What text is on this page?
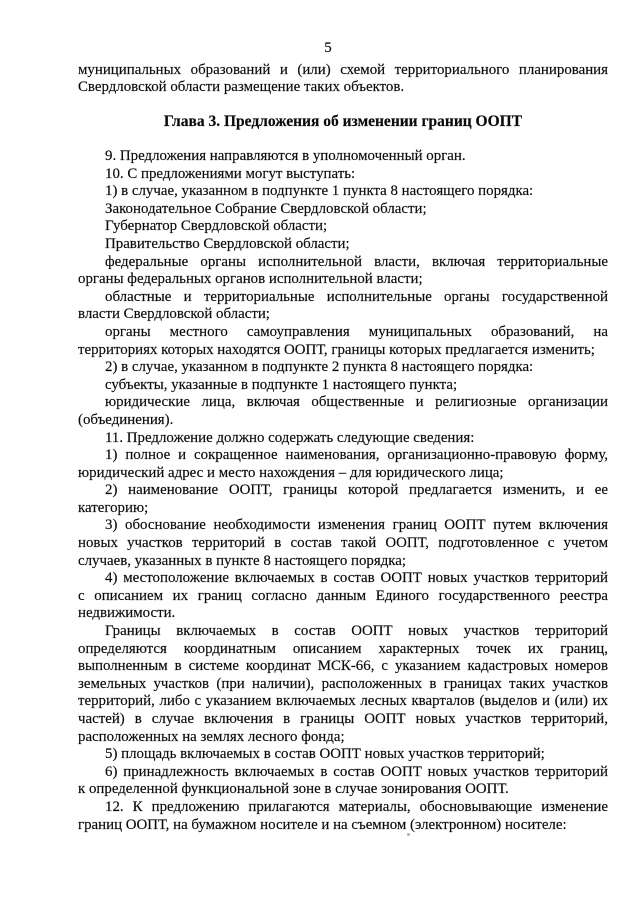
5
муниципальных образований и (или) схемой территориального планирования
Свердловской области размещение таких объектов.
Глава 3. Предложения об изменении границ ООПТ
9. Предложения направляются в уполномоченный орган.
10. С предложениями могут выступать:
1) в случае, указанном в подпункте 1 пункта 8 настоящего порядка:
Законодательное Собрание Свердловской области;
Губернатор Свердловской области;
Правительство Свердловской области;
федеральные органы исполнительной власти, включая территориальные
органы федеральных органов исполнительной власти;
областные и территориальные исполнительные органы государственной
власти Свердловской области;
органы местного самоуправления муниципальных образований, на
территориях которых находятся ООПТ, границы которых предлагается изменить;
2) в случае, указанном в подпункте 2 пункта 8 настоящего порядка:
субъекты, указанные в подпункте 1 настоящего пункта;
юридические лица, включая общественные и религиозные организации
(объединения).
11. Предложение должно содержать следующие сведения:
1) полное и сокращенное наименования, организационно-правовую форму,
юридический адрес и место нахождения – для юридического лица;
2) наименование ООПТ, границы которой предлагается изменить, и ее
категорию;
3) обоснование необходимости изменения границ ООПТ путем включения
новых участков территорий в состав такой ООПТ, подготовленное с учетом
случаев, указанных в пункте 8 настоящего порядка;
4) местоположение включаемых в состав ООПТ новых участков территорий
с описанием их границ согласно данным Единого государственного реестра
недвижимости.
Границы включаемых в состав ООПТ новых участков территорий
определяются координатным описанием характерных точек их границ,
выполненным в системе координат МСК-66, с указанием кадастровых номеров
земельных участков (при наличии), расположенных в границах таких участков
территорий, либо с указанием включаемых лесных кварталов (выделов и (или) их
частей) в случае включения в границы ООПТ новых участков территорий,
расположенных на землях лесного фонда;
5) площадь включаемых в состав ООПТ новых участков территорий;
6) принадлежность включаемых в состав ООПТ новых участков территорий
к определенной функциональной зоне в случае зонирования ООПТ.
12. К предложению прилагаются материалы, обосновывающие изменение
границ ООПТ, на бумажном носителе и на съемном (электронном) носителе:
